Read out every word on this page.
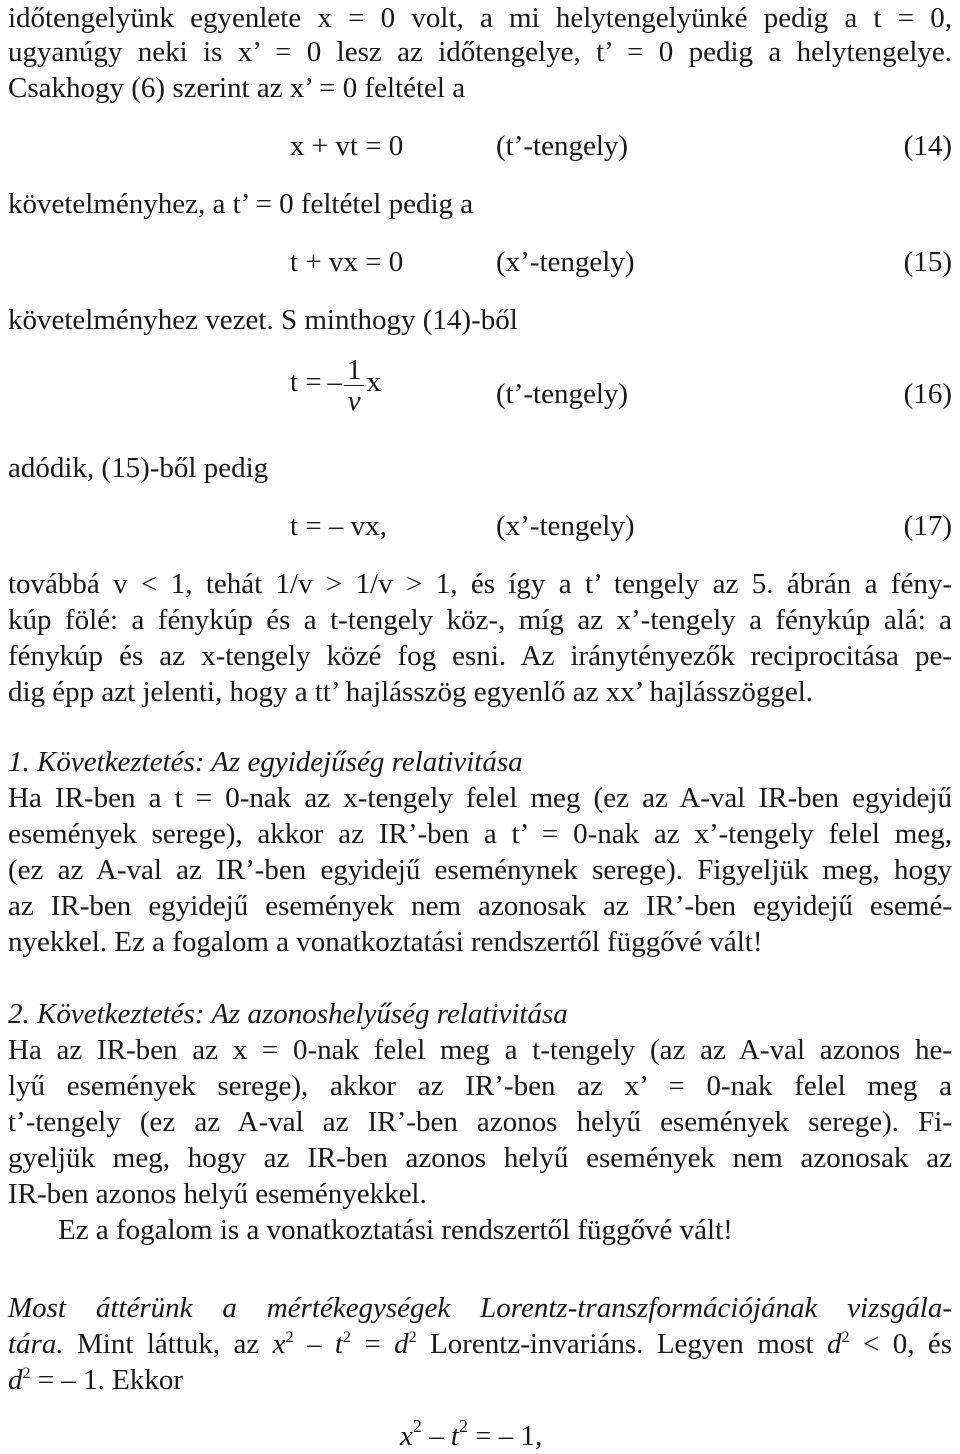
időtengelyünk egyenlete x = 0 volt, a mi helytengelyünké pedig a t = 0,
ugyanúgy neki is x’ = 0 lesz az időtengelye, t’ = 0 pedig a helytengelye.
Csakhogy (6) szerint az x’ = 0 feltétel a
x + vt = 0	(t’-tengely)	(14)
követelményhez, a t’ = 0 feltétel pedig a
t + vx = 0	(x’-tengely)	(15)
követelményhez vezet. S minthogy (14)-ből
t = – $\frac{1}{v}$ x	(t’-tengely)	(16)
adódik, (15)-ből pedig
t = – vx,	(x’-tengely)	(17)
továbbá v < 1, tehát 1/v > 1/v > 1, és így a t’ tengely az 5. ábrán a fény-
kúp fölé: a fénykúp és a t-tengely köz-, míg az x’-tengely a fénykúp alá: a
fénykúp és az x-tengely közé fog esni. Az iránytényezők reciprocitása pe-
dig épp azt jelenti, hogy a tt’ hajlásszög egyenlő az xx’ hajlásszöggel.
1. Következtetés: Az egyidejűség relativitása
Ha IR-ben a t = 0-nak az x-tengely felel meg (ez az A-val IR-ben egyidejű
események serege), akkor az IR’-ben a t’ = 0-nak az x’-tengely felel meg,
(ez az A-val az IR’-ben egyidejű eseménynek serege). Figyeljük meg, hogy
az IR-ben egyidejű események nem azonosak az IR’-ben egyidejű esemé-
nyekkel. Ez a fogalom a vonatkoztatási rendszertől függővé vált!
2. Következtetés: Az azonoshelyűség relativitása
Ha az IR-ben az x = 0-nak felel meg a t-tengely (az az A-val azonos he-
lyű események serege), akkor az IR’-ben az x’ = 0-nak felel meg a
t’-tengely (ez az A-val az IR’-ben azonos helyű események serege). Fi-
gyeljük meg, hogy az IR-ben azonos helyű események nem azonosak az
IR-ben azonos helyű eseményekkel.
Ez a fogalom is a vonatkoztatási rendszertől függővé vált!
Most áttérünk a mértékegységek Lorentz-transzformációjának vizsgála-
tára. Mint láttuk, az $x^2 - t^2 = d^2$ Lorentz-invariáns. Legyen most $d^2 < 0$, és
$d^2$ = – 1. Ekkor
$x^2 - t^2$ = – 1,
